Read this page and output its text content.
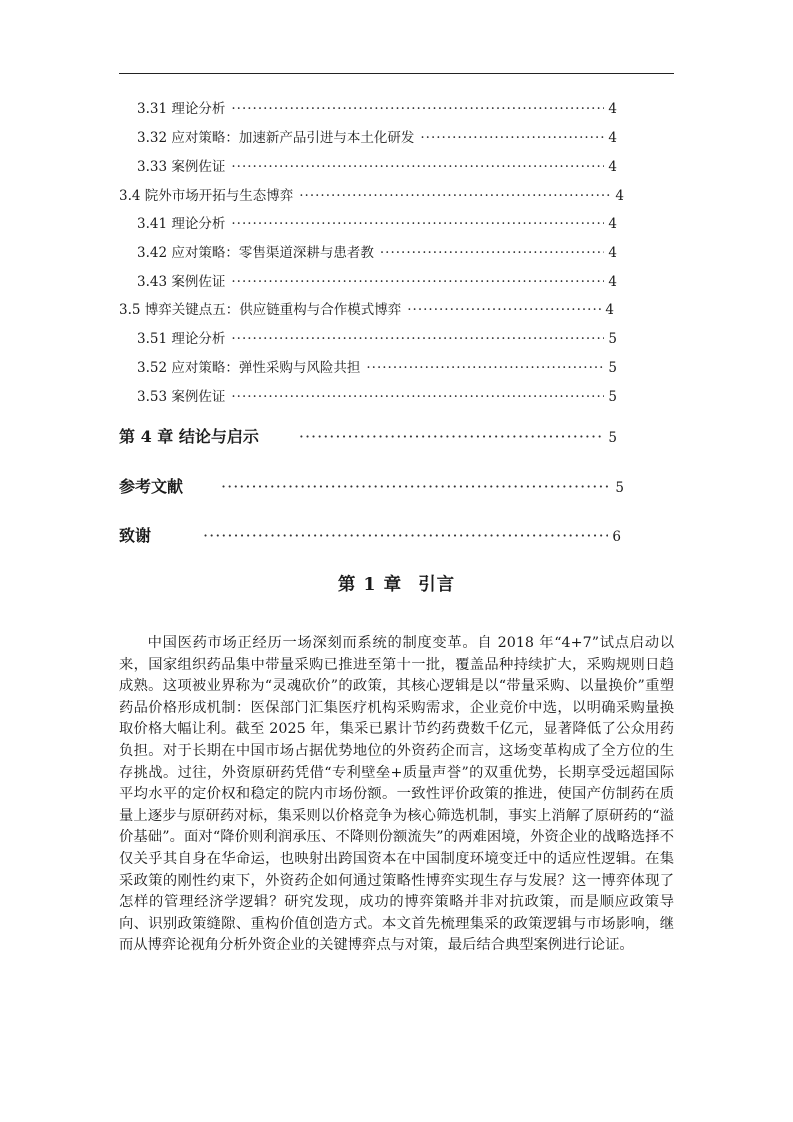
3.31 理论分析 ·····	4
3.32 应对策略：加速新产品引进与本土化研发 ·····	4
3.33 案例佐证 ·····	4
3.4 院外市场开拓与生态博弈 ·····	4
3.41 理论分析 ·····	4
3.42 应对策略：零售渠道深耕与患者教 ·····	4
3.43 案例佐证 ·····	4
3.5 博弈关键点五：供应链重构与合作模式博弈 ·····	4
3.51 理论分析 ·····	5
3.52 应对策略：弹性采购与风险共担 ·····	5
3.53 案例佐证 ·····	5
第 4 章 结论与启示 ·····	5
参考文献 ·····	5
致谢 ·····	6
第 1 章 引言

中国医药市场正经历一场深刻而系统的制度变革。自 2018 年“4+7”试点启动以来，国家组织药品集中带量采购已推进至第十一批，覆盖品种持续扩大，采购规则日趋成熟。这项被业界称为“灵魂砍价”的政策，其核心逻辑是以“带量采购、以量换价”重塑药品价格形成机制：医保部门汇集医疗机构采购需求，企业竞价中选，以明确采购量换取价格大幅让利。截至 2025 年，集采已累计节约药费数千亿元，显著降低了公众用药负担。对于长期在中国市场占据优势地位的外资药企而言，这场变革构成了全方位的生存挑战。过往，外资原研药凭借“专利壁垒+质量声誉”的双重优势，长期享受远超国际平均水平的定价权和稳定的院内市场份额。一致性评价政策的推进，使国产仿制药在质量上逐步与原研药对标，集采则以价格竞争为核心筛选机制，事实上消解了原研药的“溢价基础”。面对“降价则利润承压、不降则份额流失”的两难困境，外资企业的战略选择不仅关乎其自身在华命运，也映射出跨国资本在中国制度环境变迁中的适应性逻辑。在集采政策的刚性约束下，外资药企如何通过策略性博弈实现生存与发展？这一博弈体现了怎样的管理经济学逻辑？研究发现，成功的博弈策略并非对抗政策，而是顺应政策导向、识别政策缝隙、重构价值创造方式。本文首先梳理集采的政策逻辑与市场影响，继而从博弈论视角分析外资企业的关键博弈点与对策，最后结合典型案例进行论证。
